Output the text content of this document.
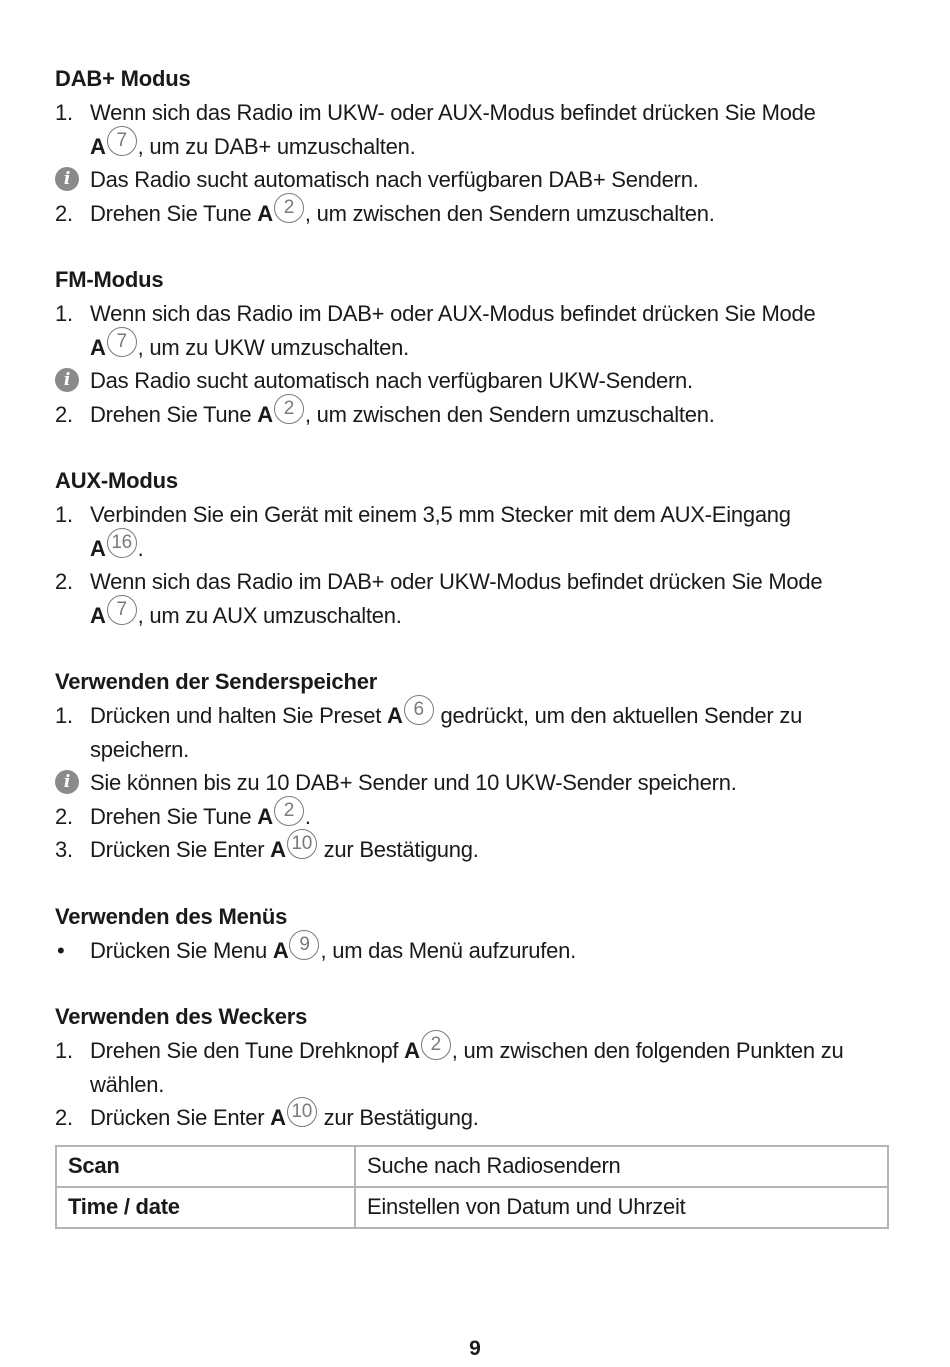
DAB+ Modus
1. Wenn sich das Radio im UKW- oder AUX-Modus befindet drücken Sie Mode
A 7 , um zu DAB+ umzuschalten.
i Das Radio sucht automatisch nach verfügbaren DAB+ Sendern.
2. Drehen Sie Tune A 2 , um zwischen den Sendern umzuschalten.
FM-Modus
1. Wenn sich das Radio im DAB+ oder AUX-Modus befindet drücken Sie Mode
A 7 , um zu UKW umzuschalten.
i Das Radio sucht automatisch nach verfügbaren UKW-Sendern.
2. Drehen Sie Tune A 2 , um zwischen den Sendern umzuschalten.
AUX-Modus
1. Verbinden Sie ein Gerät mit einem 3,5 mm Stecker mit dem AUX-Eingang
A 16 .
2. Wenn sich das Radio im DAB+ oder UKW-Modus befindet drücken Sie Mode
A 7 , um zu AUX umzuschalten.
Verwenden der Senderspeicher
1. Drücken und halten Sie Preset A 6 gedrückt, um den aktuellen Sender zu speichern.
i Sie können bis zu 10 DAB+ Sender und 10 UKW-Sender speichern.
2. Drehen Sie Tune A 2 .
3. Drücken Sie Enter A 10 zur Bestätigung.
Verwenden des Menüs
•	Drücken Sie Menu A 9 , um das Menü aufzurufen.
Verwenden des Weckers
1. Drehen Sie den Tune Drehknopf A 2 , um zwischen den folgenden Punkten zu wählen.
2. Drücken Sie Enter A 10 zur Bestätigung.
Scan	Suche nach Radiosendern
Time / date	Einstellen von Datum und Uhrzeit
9
